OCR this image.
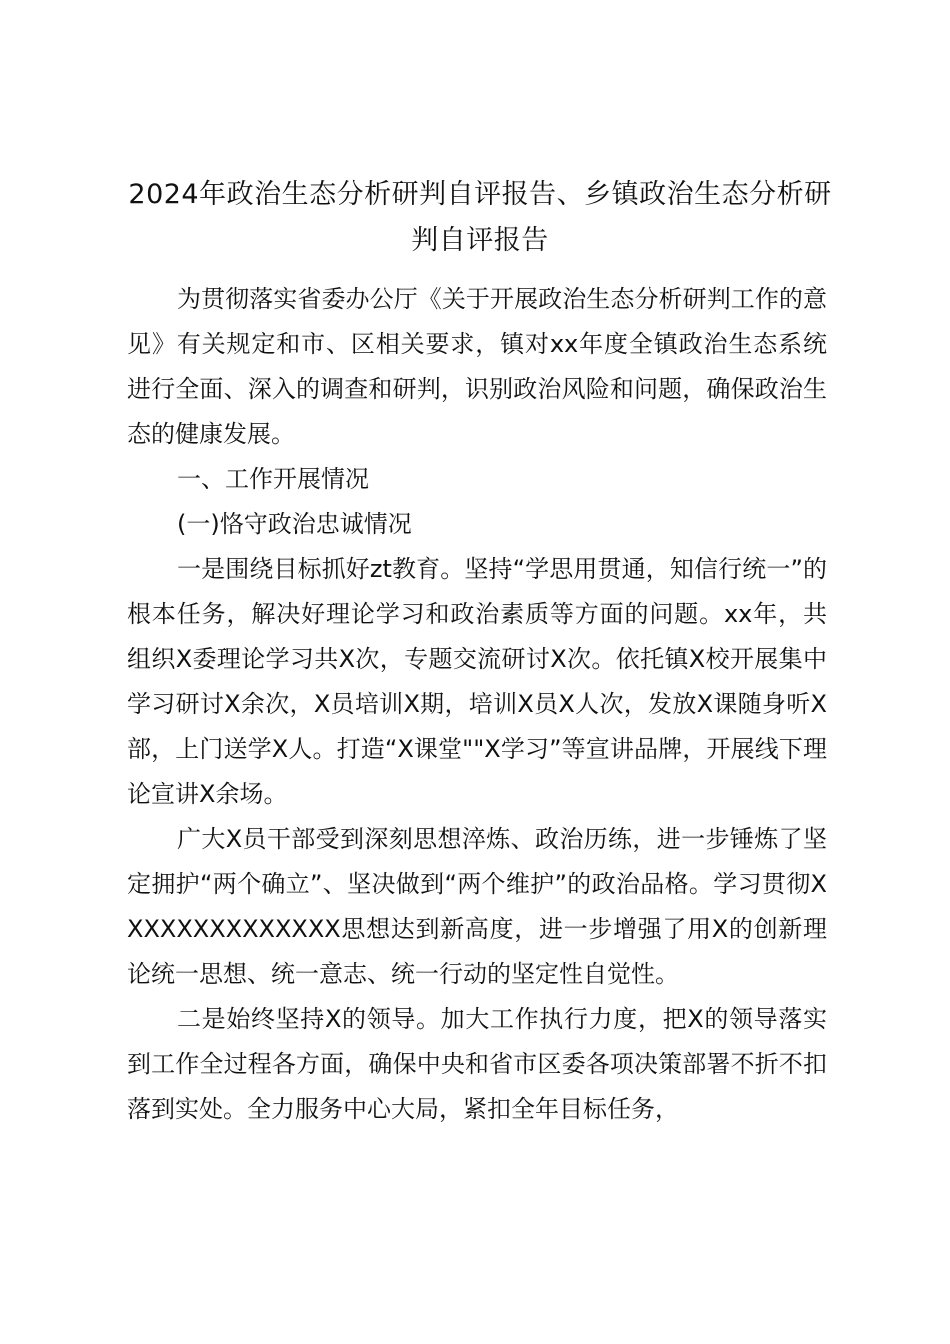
2024年政治生态分析研判自评报告、乡镇政治生态分析研判自评报告

为贯彻落实省委办公厅《关于开展政治生态分析研判工作的意见》有关规定和市、区相关要求，镇对xx年度全镇政治生态系统进行全面、深入的调查和研判，识别政治风险和问题，确保政治生态的健康发展。

一、工作开展情况

(一)恪守政治忠诚情况

一是围绕目标抓好zt教育。坚持“学思用贯通，知信行统一”的根本任务，解决好理论学习和政治素质等方面的问题。xx年，共组织X委理论学习共X次，专题交流研讨X次。依托镇X校开展集中学习研讨X余次，X员培训X期，培训X员X人次，发放X课随身听X部，上门送学X人。打造“X课堂""X学习”等宣讲品牌，开展线下理论宣讲X余场。

广大X员干部受到深刻思想淬炼、政治历练，进一步锤炼了坚定拥护“两个确立”、坚决做到“两个维护”的政治品格。学习贯彻XXXXXXXXXXXXXX思想达到新高度，进一步增强了用X的创新理论统一思想、统一意志、统一行动的坚定性自觉性。

二是始终坚持X的领导。加大工作执行力度，把X的领导落实到工作全过程各方面，确保中央和省市区委各项决策部署不折不扣落到实处。全力服务中心大局，紧扣全年目标任务，
